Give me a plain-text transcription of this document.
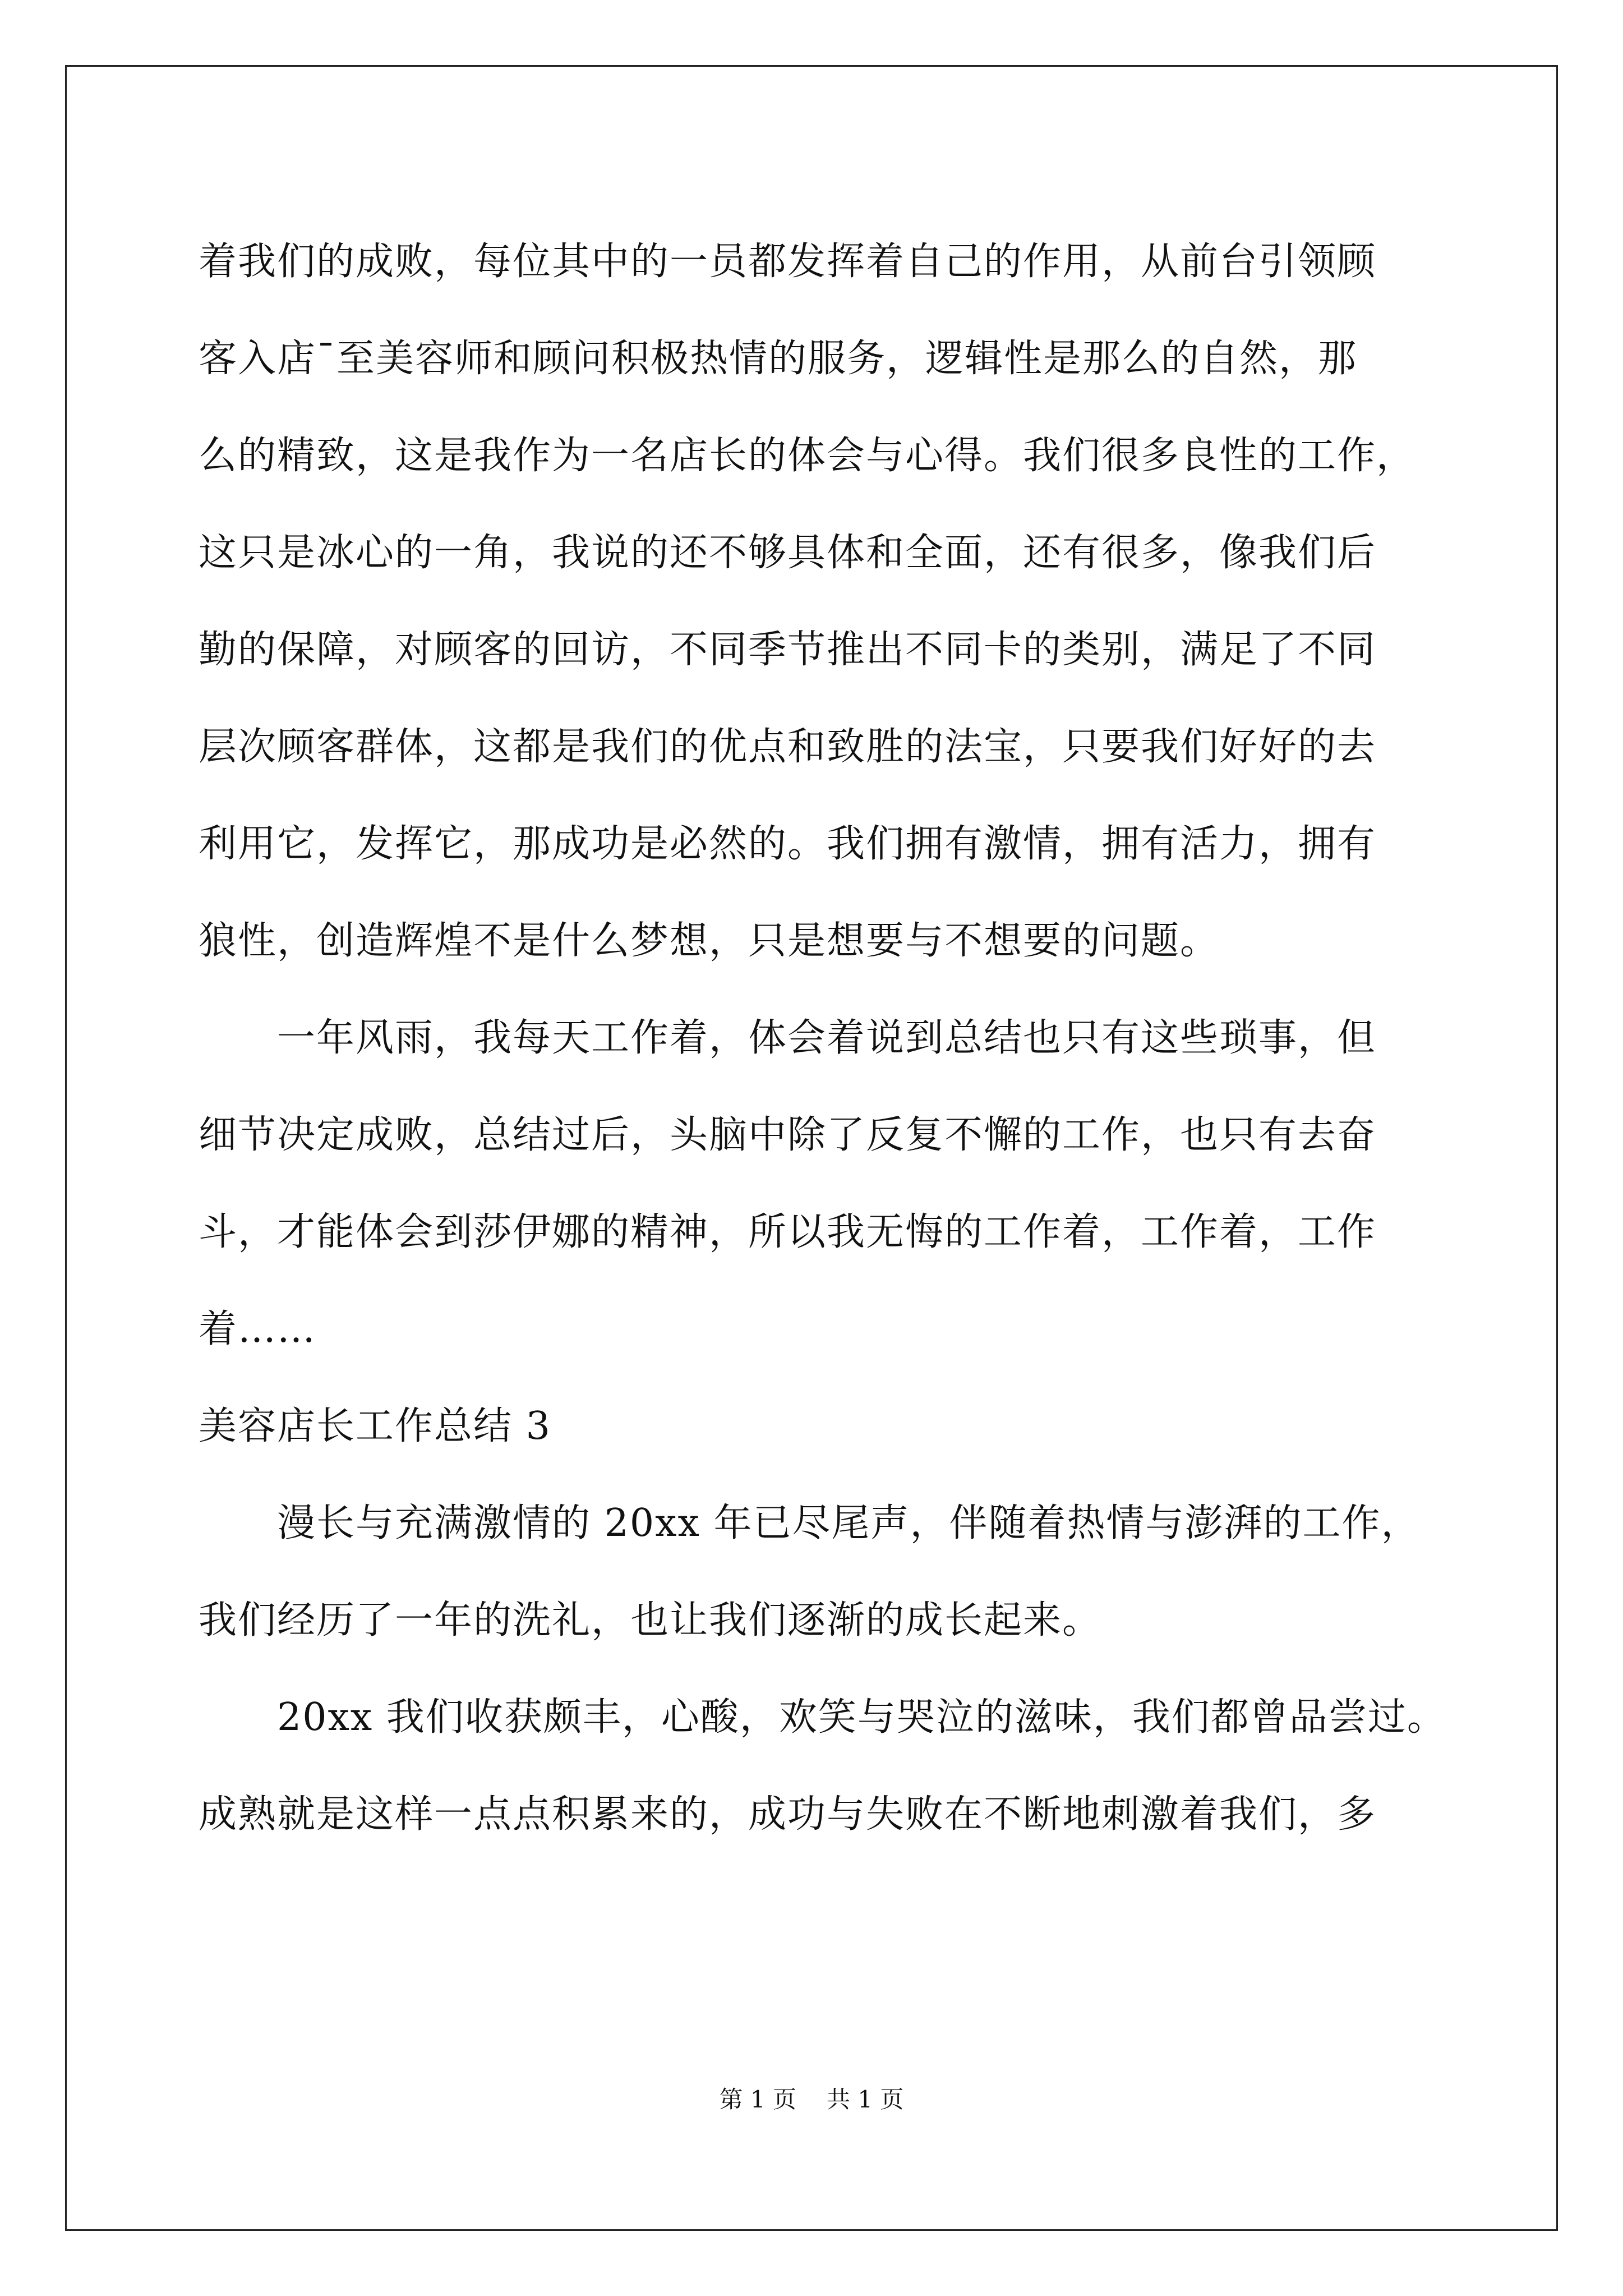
着我们的成败，每位其中的一员都发挥着自己的作用，从前台引领顾
客入店¯至美容师和顾问积极热情的服务，逻辑性是那么的自然，那
么的精致，这是我作为一名店长的体会与心得。我们很多良性的工作，
这只是冰心的一角，我说的还不够具体和全面，还有很多，像我们后
勤的保障，对顾客的回访，不同季节推出不同卡的类别，满足了不同
层次顾客群体，这都是我们的优点和致胜的法宝，只要我们好好的去
利用它，发挥它，那成功是必然的。我们拥有激情，拥有活力，拥有
狼性，创造辉煌不是什么梦想，只是想要与不想要的问题。
一年风雨，我每天工作着，体会着说到总结也只有这些琐事，但
细节决定成败，总结过后，头脑中除了反复不懈的工作，也只有去奋
斗，才能体会到莎伊娜的精神，所以我无悔的工作着，工作着，工作
着……
美容店长工作总结 3
漫长与充满激情的 20xx 年已尽尾声，伴随着热情与澎湃的工作，
我们经历了一年的洗礼，也让我们逐渐的成长起来。
20xx 我们收获颇丰，心酸，欢笑与哭泣的滋味，我们都曾品尝过。
成熟就是这样一点点积累来的，成功与失败在不断地刺激着我们，多
第 1 页 共 1 页
